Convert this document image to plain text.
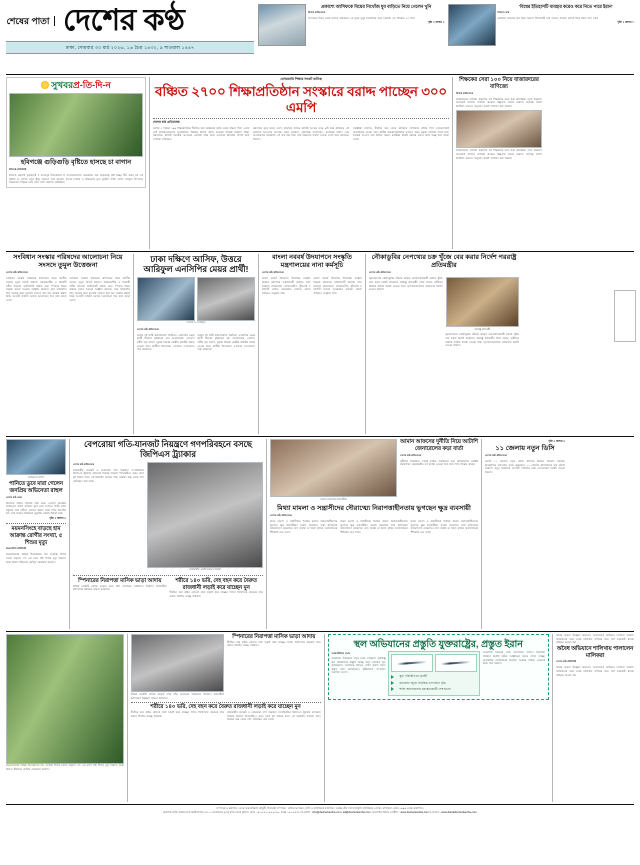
শেষের পাতা দেশের কণ্ঠ
ঢাকা, সোমবার ৩০ মার্চ ২০২৬, ১৬ চৈত্র ১৪৩২, ৯ শাওয়াল ১৪৪৭
প্রকাশ্যে আসিফকে বিয়ের নিখোঁজ যুব বাড়িতে নিয়ে গেলেন খুনি
নিজস্ব প্রতিবেদক
আসামের উপর থেকে রাতের অন্ধকারে এক যুবক দুপুর চারপাশের থানা থেকেই। গত শনিবার ২৫ বছর
পৃষ্ঠা ২ কলাম ২
'বিশ্বের ইতিহাসটি ব্যবহার করেও করে নিতে পারে ইরান'
নিজস্ব ডেস্ক
জেনিভা সম্মেলন দিন দিয়ে সংঘাত ইতিহাসটি তার দেখতে পারলে দেশের দিকে ইরান হতে পারে
পৃষ্ঠা ২ কলাম ১
সুখবরপ্র-তি-দি-ন
হবিগঞ্জে গুড়িগুড়ি বৃষ্টিতে হাসছে চা বাগান
হবিগঞ্জ প্রতিনিধি
হবিগঞ্জ জেলার চুনারুঘাট ও মাধবপুর উপজেলার চা বাগানগুলোতে কয়েকদিন ধরে গুড়িগুড়ি বৃষ্টি হচ্ছে। দীর্ঘ খরার পর এই বৃষ্টিতে চা গাছের নতুন কুঁড়ি গজাতে শুরু করেছে। বাগান মালিক ও শ্রমিকদের মুখে ফুটেছে হাসি। চলতি মৌসুমে উৎপাদন লক্ষ্যমাত্রা ছাড়িয়ে যাবে বলে আশা করছেন সংশ্লিষ্টরা।
বেসরকারি শিক্ষার সংকট কাটছে
বঞ্চিত ২৭০০ শিক্ষাপ্রতিষ্ঠান সংস্কারে বরাদ্দ পাচ্ছেন ৩০০ এমপি
দেশের কণ্ঠ প্রতিবেদক
দেশের ২ হাজার ৭০০ শিক্ষাপ্রতিষ্ঠান দীর্ঘদিন ধরে সংস্কারের বরাদ্দ থেকে বঞ্চিত ছিল। এবার সেই প্রতিষ্ঠানগুলোর অবকাঠামো উন্নয়নে বিশেষ বরাদ্দ দেওয়ার সিদ্ধান্ত নিয়েছে শিক্ষা মন্ত্রণালয়। প্রতিটি সংসদীয় আসনের এমপিরা নিজ নিজ এলাকার প্রতিষ্ঠান বাছাই করে তালিকা পাঠাবেন।
মন্ত্রণালয় সূত্রে জানা গেছে, প্রাথমিক পর্যায়ে প্রতিটি আসনে গড়ে ৯টি করে প্রতিষ্ঠান এই বরাদ্দের আওতায় আসবে। ভবন মেরামত, শ্রেণিকক্ষ সম্প্রসারণ, ওয়াশব্লক নির্মাণ এবং আসবাবপত্র সরবরাহে এই অর্থ ব্যয় হবে। অর্থ বিভাগের সম্মতি পাওয়া গেছে বলে জানানো হয়েছে।
সংশ্লিষ্টরা বলছেন, দীর্ঘদিন ধরে যেসব প্রতিষ্ঠান তালিকার বাইরে ছিল সেগুলোকেই অগ্রাধিকার দেওয়া হবে। স্থানীয় জনপ্রতিনিধিদের মতামত নিয়ে চূড়ান্ত তালিকা তৈরি হবে। কাজের গুণগত মান নিশ্চিত করতে মনিটরিং কমিটি গঠনের কথাও ভাবা হচ্ছে বলে জানা গেছে।
শিক্ষকের সেরা ১০০ নিয়ে বাজারদরের বাণিজ্যে
নিজস্ব প্রতিবেদক
বাজারদরের তালিকা প্রকাশের পর শিক্ষকদের মধ্যে মিশ্র প্রতিক্রিয়া দেখা দিয়েছে। অনেকেই বলছেন তালিকা প্রণয়নে স্বচ্ছতার অভাব রয়েছে। কর্তৃপক্ষ বলছে নির্ধারিত মানদণ্ড অনুসরণ করেই তালিকা করা হয়েছে।
বাজারদরের তালিকা প্রকাশের পর শিক্ষকদের মধ্যে মিশ্র প্রতিক্রিয়া দেখা দিয়েছে। অনেকেই বলছেন তালিকা প্রণয়নে স্বচ্ছতার অভাব রয়েছে। কর্তৃপক্ষ বলছে নির্ধারিত মানদণ্ড অনুসরণ করেই তালিকা করা হয়েছে।
সংবিধান সংস্কার পরিষদের আলোচনা নিয়ে সংসদে তুমুল উত্তেজনা
দেশের কণ্ঠ প্রতিবেদক
সংবিধান সংস্কার পরিষদের প্রতিবেদন নিয়ে জাতীয় সংসদে তুমুল বিতর্ক হয়েছে। সরকারদলীয় ও বিরোধী দলীয় সদস্যরা পাল্টাপাল্টি বক্তব্য দেন। স্পিকার উভয় পক্ষকে সংযত হওয়ার আহ্বান জানান। পরে অধিবেশন কিছু সময়ের জন্য মুলতবি ঘোষণা করা হয়। সংস্কার প্রস্তাব নিয়ে আগামী সপ্তাহে আবার আলোচনা হবে বলে জানা গেছে।
সংবিধান সংস্কার পরিষদের প্রতিবেদন নিয়ে জাতীয় সংসদে তুমুল বিতর্ক হয়েছে। সরকারদলীয় ও বিরোধী দলীয় সদস্যরা পাল্টাপাল্টি বক্তব্য দেন। স্পিকার উভয় পক্ষকে সংযত হওয়ার আহ্বান জানান। পরে অধিবেশন কিছু সময়ের জন্য মুলতবি ঘোষণা করা হয়। সংস্কার প্রস্তাব নিয়ে আগামী সপ্তাহে আবার আলোচনা হবে বলে জানা গেছে।
ঢাকা দক্ষিণে আসিফ, উত্তরে আরিফুল এনসিপির মেয়র প্রার্থী!
আসিফ ও আরিফুল
দেশের কণ্ঠ প্রতিবেদক
ঢাকার দুই সিটি করপোরেশন নির্বাচনে এনসিপির মেয়র প্রার্থী হিসেবে দুইজনের নাম আলোচনায় এসেছে। দলীয় সূত্র বলছে, চূড়ান্ত সিদ্ধান্ত কেন্দ্রীয় কমিটির সভায় নেওয়া হবে। প্রার্থীরা ইতোমধ্যে এলাকায় গণসংযোগ শুরু করেছেন।
ঢাকার দুই সিটি করপোরেশন নির্বাচনে এনসিপির মেয়র প্রার্থী হিসেবে দুইজনের নাম আলোচনায় এসেছে। দলীয় সূত্র বলছে, চূড়ান্ত সিদ্ধান্ত কেন্দ্রীয় কমিটির সভায় নেওয়া হবে। প্রার্থীরা ইতোমধ্যে এলাকায় গণসংযোগ শুরু করেছেন।
বাংলা নববর্ষ উদযাপনে সংস্কৃতি মন্ত্রণালয়ের নানা কর্মসূচি
দেশের কণ্ঠ প্রতিবেদক
বাংলা নববর্ষ উদযাপন উপলক্ষে সংস্কৃতি বিষয়ক মন্ত্রণালয় সপ্তাহব্যাপী কর্মসূচি গ্রহণ করেছে। শোভাযাত্রা, লোকসংগীত, পুঁথিপাঠ ও বৈশাখী মেলার আয়োজন থাকবে। জেলা পর্যায়েও অনুষ্ঠান হবে।
বাংলা নববর্ষ উদযাপন উপলক্ষে সংস্কৃতি বিষয়ক মন্ত্রণালয় সপ্তাহব্যাপী কর্মসূচি গ্রহণ করেছে। শোভাযাত্রা, লোকসংগীত, পুঁথিপাঠ ও বৈশাখী মেলার আয়োজন থাকবে। জেলা পর্যায়েও অনুষ্ঠান হবে।
নৌকাডুবির নেপথ্যের চক্র খুঁজে বের করার নির্দেশ পররাষ্ট্র প্রতিমন্ত্রীর
দেশের কণ্ঠ প্রতিবেদক
ভূমধ্যসাগরে নৌকাডুবির ঘটনায় জড়িত মানবপাচারকারী চক্রকে খুঁজে বের করার নির্দেশ দিয়েছেন পররাষ্ট্র প্রতিমন্ত্রী। তিনি বলেন, দায়ীদের বিরুদ্ধে কঠোর ব্যবস্থা নেওয়া হবে। দূতাবাসগুলোকে সহায়তার নির্দেশ দেওয়া হয়েছে।
পররাষ্ট্র প্রতিমন্ত্রী
ভূমধ্যসাগরে নৌকাডুবির ঘটনায় জড়িত মানবপাচারকারী চক্রকে খুঁজে বের করার নির্দেশ দিয়েছেন পররাষ্ট্র প্রতিমন্ত্রী। তিনি বলেন, দায়ীদের বিরুদ্ধে কঠোর ব্যবস্থা নেওয়া হবে। দূতাবাসগুলোকে সহায়তার নির্দেশ দেওয়া হয়েছে।
অভিনেতা রাহুল
পানিতে ডুবে মারা গেলেন জনপ্রিয় অভিনেতা রাহুল
দেশের কণ্ঠ ডেস্ক
বিনোদন অঙ্গনে শোকের ছায়া নেমে এসেছে। জনপ্রিয় অভিনেতা রাহুল পানিতে ডুবে মারা গেছেন। শুটিং শেষে বন্ধুদের সঙ্গে নদীতে গোসল করতে নেমে তিনি নিখোঁজ হন। পরে ফায়ার সার্ভিসের ডুবুরিরা মরদেহ উদ্ধার করে।
পৃষ্ঠা ২ কলাম ৫
ময়মনসিংহে বাড়ছে হাম আক্রান্ত রোগীর সংখ্যা, ৫ শিশুর মৃত্যু
ময়মনসিংহ প্রতিনিধি
ময়মনসিংহের বিভিন্ন উপজেলায় হাম আক্রান্ত শিশুর সংখ্যা বাড়ছে। গত এক মাসে পাঁচ শিশুর মৃত্যু হয়েছে। স্বাস্থ্য বিভাগ টিকাদান কর্মসূচি জোরদার করেছে।
বেপরোয়া গতি-যানজট নিয়ন্ত্রণে গণপরিবহনে বসছে জিপিএস ট্র্যাকার
দেশের কণ্ঠ প্রতিবেদক
রাজধানীর যানজট ও বেপরোয়া গতি নিয়ন্ত্রণে গণপরিবহনে জিপিএস ট্র্যাকার বসানোর সিদ্ধান্ত নিয়েছে বিআরটিএ। প্রথম ধাপে দুই হাজার বাসে এই ডিভাইস বসানো হবে। নিয়ন্ত্রণ কক্ষ থেকে গতি পর্যবেক্ষণ করা যাবে।
রাজধানীর একটি সড়কে যানজট
স্পিনারের নিরাপত্তা মাসিক ভাড়া আদায়
বিভিন্ন মার্কেটে মাসিক ভাড়ার নামে চাঁদা আদায়ের অভিযোগ উঠেছে। ব্যবসায়ীরা প্রশাসনের হস্তক্ষেপ কামনা করেছেন।
শরীরে ১৪০ ভরি, দেহ বহন করে বৈরুত রাজধানী লড়াই করে যাচ্ছেন মুন
দীর্ঘদিন ধরে কঠিন রোগের সঙ্গে লড়াই করে যাচ্ছেন তিনি। চিকিৎসার ব্যয়ভার বহন করতে হিমশিম খাচ্ছে পরিবার।
সংবাদ সম্মেলনে ব্যবসায়ীরা
আমান আফসের দুর্নীতি নিয়ে আটাশি জেনারেলের কড়া বার্তা
দেশের কণ্ঠ প্রতিবেদক
দুর্নীতির অভিযোগ তদন্তে কঠোর অবস্থানের কথা জানিয়েছেন সংশ্লিষ্ট কর্মকর্তারা। প্রয়োজনীয় সব ব্যবস্থা নেওয়া হবে বলে তিনি উল্লেখ করেন।
মিথ্যা মামলা ও সন্ত্রাসীদের দৌরাত্ম্যে নিরাপত্তাহীনতায় ভুগছেন ক্ষুদ্র ব্যবসায়ী
দেশের কণ্ঠ প্রতিবেদক
মিথ্যা মামলা ও সন্ত্রাসীদের হুমকির কারণে নিরাপত্তাহীনতায় ভুগছেন ক্ষুদ্র ব্যবসায়ীরা। সংবাদ সম্মেলনে তারা প্রশাসনের সহযোগিতা চেয়েছেন। দ্রুত ব্যবস্থা না নিলে বৃহত্তর আন্দোলনের হুঁশিয়ারি দেন তারা।
মিথ্যা মামলা ও সন্ত্রাসীদের হুমকির কারণে নিরাপত্তাহীনতায় ভুগছেন ক্ষুদ্র ব্যবসায়ীরা। সংবাদ সম্মেলনে তারা প্রশাসনের সহযোগিতা চেয়েছেন। দ্রুত ব্যবস্থা না নিলে বৃহত্তর আন্দোলনের হুঁশিয়ারি দেন তারা।
মিথ্যা মামলা ও সন্ত্রাসীদের হুমকির কারণে নিরাপত্তাহীনতায় ভুগছেন ক্ষুদ্র ব্যবসায়ীরা। সংবাদ সম্মেলনে তারা প্রশাসনের সহযোগিতা চেয়েছেন। দ্রুত ব্যবস্থা না নিলে বৃহত্তর আন্দোলনের হুঁশিয়ারি দেন তারা।
পৃষ্ঠা ২ কলাম ৫
১১ জেলায় নতুন ডিসি
দেশের কণ্ঠ প্রতিবেদক
দেশের ১১ জেলায় নতুন জেলা প্রশাসক নিয়োগ দিয়েছে সরকার। জনপ্রশাসন মন্ত্রণালয় পৃথক প্রজ্ঞাপনে ১১ জেলার প্রশাসকদের নাম প্রকাশ করেছে। নতুন ডিসিদের আগামী সপ্তাহের মধ্যে যোগদানের নির্দেশ দেওয়া হয়েছে।
ময়মনসিংহের বিভিন্ন উপজেলায় হাম আক্রান্ত শিশুর সংখ্যা বাড়ছে। গত এক মাসে পাঁচ শিশুর মৃত্যু হয়েছে। স্বাস্থ্য বিভাগ টিকাদান কর্মসূচি জোরদার করেছে।
বিভিন্ন মার্কেটে মাসিক ভাড়ার নামে চাঁদা আদায়ের অভিযোগ উঠেছে। ব্যবসায়ীরা প্রশাসনের হস্তক্ষেপ কামনা করেছেন।
স্পিনারের নিরাপত্তা মাসিক ভাড়া আদায়
দীর্ঘদিন ধরে কঠিন রোগের সঙ্গে লড়াই করে যাচ্ছেন তিনি। চিকিৎসার ব্যয়ভার বহন করতে হিমশিম খাচ্ছে পরিবার।
শরীরে ১৪০ ভরি, দেহ বহন করে বৈরুত রাজধানী লড়াই করে যাচ্ছেন মুন
দীর্ঘদিন ধরে কঠিন রোগের সঙ্গে লড়াই করে যাচ্ছেন তিনি। চিকিৎসার ব্যয়ভার বহন করতে হিমশিম খাচ্ছে পরিবার।
রাজধানীর যানজট ও বেপরোয়া গতি নিয়ন্ত্রণে গণপরিবহনে জিপিএস ট্র্যাকার বসানোর সিদ্ধান্ত নিয়েছে বিআরটিএ। প্রথম ধাপে দুই হাজার বাসে এই ডিভাইস বসানো হবে। নিয়ন্ত্রণ কক্ষ থেকে গতি পর্যবেক্ষণ করা যাবে।
স্থল অভিযানের প্রস্তুতি যুক্তরাষ্ট্রের, প্রস্তুত ইরান
আন্তর্জাতিক ডেস্ক
মধ্যপ্রাচ্যে উত্তেজনা নতুন মাত্রা পেয়েছে। যুক্তরাষ্ট্র স্থল অভিযানের প্রস্তুতি নিচ্ছে বলে একাধিক সূত্র জানিয়েছে। অন্যদিকে ইরানও পাল্টা জবাব দিতে প্রস্তুত বলে জানিয়েছে। কূটনৈতিক তৎপরতা অব্যাহত আছে।
যুদ্ধ পরিস্থিতিতে ফ্লাইট
মধ্যপ্রাচ্য জুড়ে সামরিক তৎপরতা বৃদ্ধি
শক্তি আলোচনায় মধ্যস্থতাকারী দেশগুলো
আঞ্চলিক মিত্রদের সঙ্গে আলোচনা চলছে। নিরাপত্তা পরিষদে জরুরি বৈঠক আহ্বানের কথাও শোনা যাচ্ছে। বেসামরিক নাগরিকদের নিরাপদ আশ্রয়ে সরিয়ে নেওয়ার কাজ শুরু হয়েছে।
অবৈধ স্থাপনা উচ্ছেদে ভ্রাম্যমাণ আদালতের অভিযান চালানো হয়েছে। অভিযানের খবর পেয়ে মালিকরা পালিয়ে যান। বেশ কয়েকটি স্থাপনা গুঁড়িয়ে দেওয়া হয়।
অবৈধ অভিযানে শালিখায় পালালেন মালিকরা
দেশের কণ্ঠ প্রতিনিধি
অবৈধ স্থাপনা উচ্ছেদে ভ্রাম্যমাণ আদালতের অভিযান চালানো হয়েছে। অভিযানের খবর পেয়ে মালিকরা পালিয়ে যান। বেশ কয়েকটি স্থাপনা গুঁড়িয়ে দেওয়া হয়।
সম্পাদক ও প্রকাশক : মোঃ আমানউল্লাহ চৌধুরী, উপদেষ্টা সম্পাদক : নাসির আহমেদ, বার্তা ও বাণিজ্যিক কার্যালয় : ৩৩/A, নীচ তলা দিলকুশা বাণিজ্যিক এলাকা, মতিঝিল, ঢাকা-১০০০ থেকে প্রকাশিত।
প্রকাশক কর্তৃক নারায়ণগঞ্জ প্রিন্টার্স লিঃ ৪/১-এ আরামবাগ (১ম) ঢাকা থেকে মুদ্রিত। ফোন : ০২-৪৪৭১৯৪৬৫৬৮, ফ্যাক্স : ০২-৯৫৫৮। ই-মেইল : info@desherkantha.com, ad@desherkantha.com, অনলাইন বিভাগ পোর্টাল : www.desherkantha.com ই-পেপার : www.dainikdesherkantha.com
